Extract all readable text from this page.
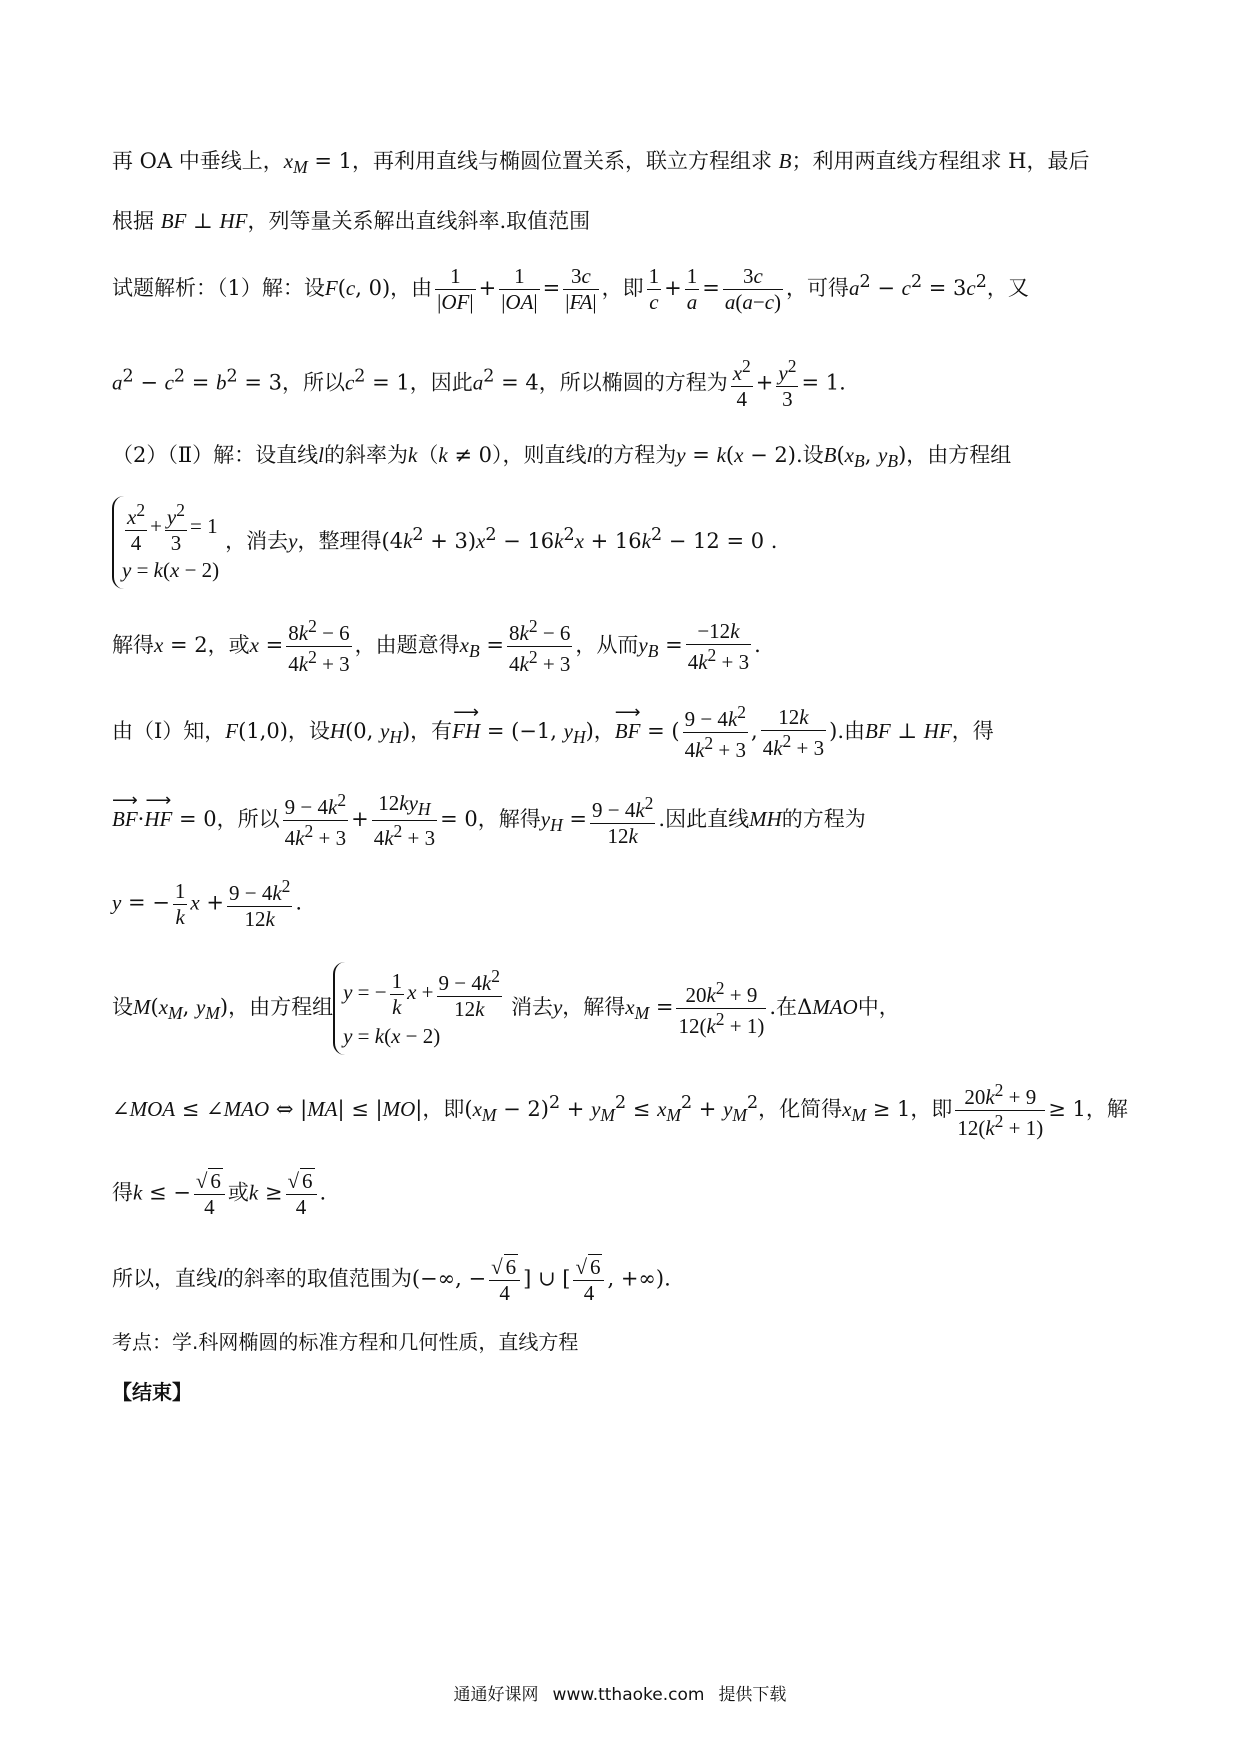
再 OA 中垂线上，$x_M = 1$，再利用直线与椭圆位置关系，联立方程组求 B；利用两直线方程组求 H，最后
根据 BF ⊥ HF，列等量关系解出直线斜率.取值范围
试题解析：（1）解：设F(c, 0)，由 $\frac{1}{|OF|} + \frac{1}{|OA|} = \frac{3c}{|FA|}$ ，即 $\frac{1}{c} + \frac{1}{a} = \frac{3c}{a(a-c)}$ ，可得$a^2 - c^2 = 3c^2$，又
$a^2 - c^2 = b^2 = 3$，所以$c^2 = 1$，因此$a^2 = 4$，所以椭圆的方程为 $\frac{x^2}{4} + \frac{y^2}{3} = 1$.
（2）（Ⅱ）解：设直线l的斜率为k（k ≠ 0），则直线l的方程为y = k(x − 2).设$B(x_B$, $y_B$)，由方程组
$\frac{x^2}{4} + \frac{y^2}{3} = 1$
y = k(x − 2)
，消去y，整理得$(4k^2 + 3)x^2 - 16k^2x + 16k^2 - 12 = 0$ .
解得x = 2，或$x = \frac{8k^2 - 6}{4k^2 + 3}$ ，由题意得$x_B = \frac{8k^2 - 6}{4k^2 + 3}$ ，从而$y_B = \frac{-12k}{4k^2 + 3}$ .
由（Ⅰ）知，F(1,0)，设H(0, $y_H$)，有⟶ FH = (−1, $y_H$)，⟶ BF = ( $\frac{9 - 4k^2}{4k^2 + 3}$ , $\frac{12k}{4k^2 + 3}$ ).由BF ⊥ HF，得
⟶ BF·⟶ HF = 0，所以 $\frac{9 - 4k^2}{4k^2 + 3} + \frac{12ky_H}{4k^2 + 3} = 0$，解得$y_H = \frac{9 - 4k^2}{12k}$ .因此直线MH的方程为
y = − $\frac{1}{k}$ $x + \frac{9 - 4k^2}{12k}$ .
设$M(x_M$, $y_M$)，由方程组
y = − $\frac{1}{k}$ $x + \frac{9 - 4k^2}{12k}$
y = k(x − 2)
消去y，解得$x_M = \frac{20k^2 + 9}{12(k^2 + 1)}$ .在ΔMAO中，
∠MOA ≤ ∠MAO ⇔ |MA| ≤ |MO|，即$(x_M - 2)^2 + y_M^2 \le x_M^2 + y_M^2$，化简得$x_M \ge 1$，即 $\frac{20k^2 + 9}{12(k^2 + 1)} \ge 1$，解
得k ≤ − $\frac{√ 6}{4}$ 或$k \ge \frac{√ 6}{4}$ .
所以，直线l的斜率的取值范围为(−∞, − $\frac{√ 6}{4}$ ] ∪ [ $\frac{√ 6}{4}$ , +∞).
考点：学.科网椭圆的标准方程和几何性质，直线方程
【结束】
通通好课网 www.tthaoke.com 提供下载
